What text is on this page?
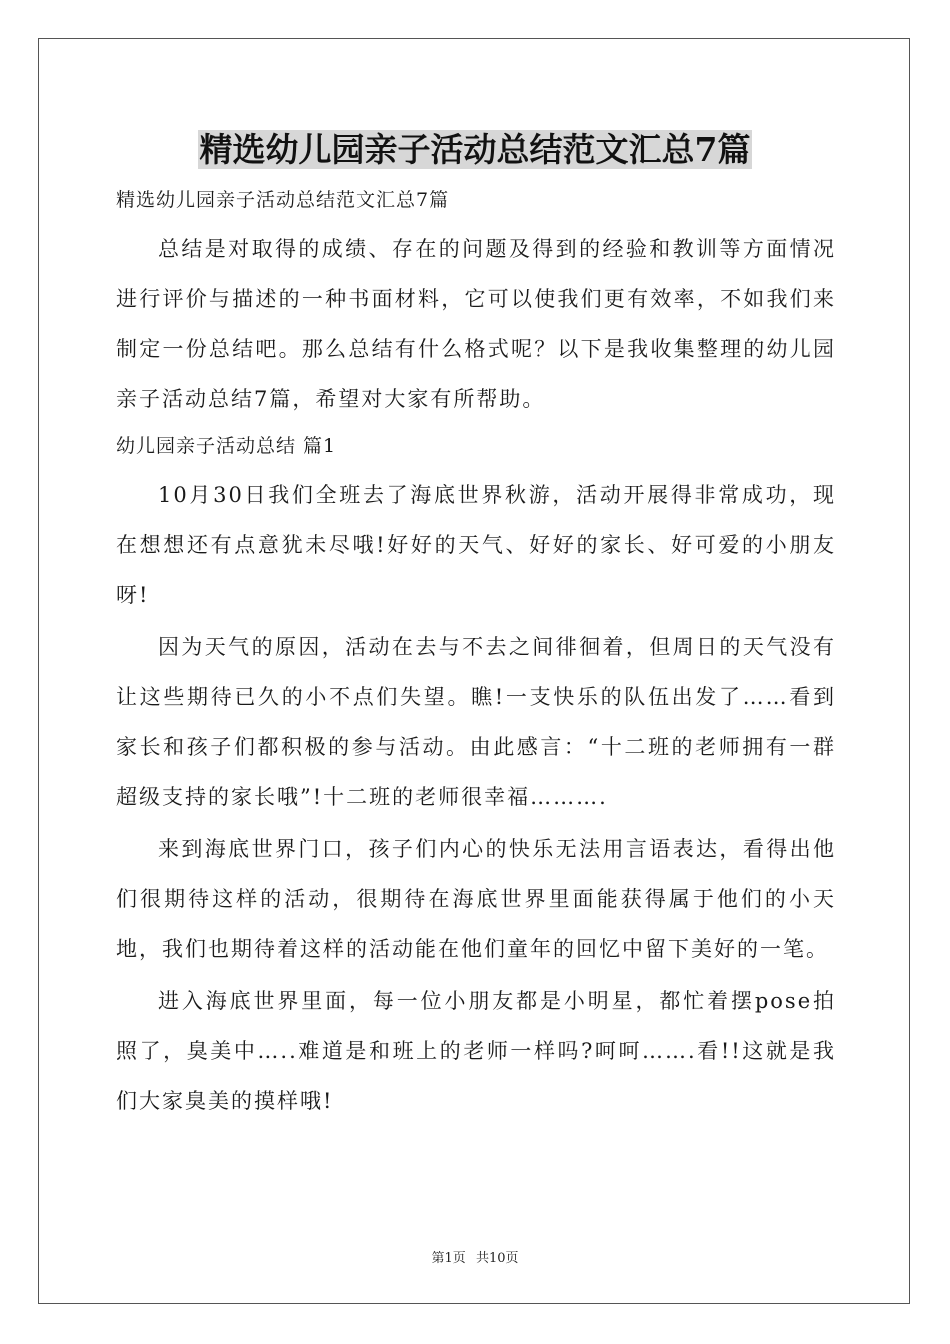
精选幼儿园亲子活动总结范文汇总7篇

精选幼儿园亲子活动总结范文汇总7篇

总结是对取得的成绩、存在的问题及得到的经验和教训等方面情况进行评价与描述的一种书面材料，它可以使我们更有效率，不如我们来制定一份总结吧。那么总结有什么格式呢？以下是我收集整理的幼儿园亲子活动总结7篇，希望对大家有所帮助。

幼儿园亲子活动总结 篇1

10月30日我们全班去了海底世界秋游，活动开展得非常成功，现在想想还有点意犹未尽哦!好好的天气、好好的家长、好可爱的小朋友呀!

因为天气的原因，活动在去与不去之间徘徊着，但周日的天气没有让这些期待已久的小不点们失望。瞧!一支快乐的队伍出发了……看到家长和孩子们都积极的参与活动。由此感言：“十二班的老师拥有一群超级支持的家长哦”!十二班的老师很幸福……….

来到海底世界门口，孩子们内心的快乐无法用言语表达，看得出他们很期待这样的活动，很期待在海底世界里面能获得属于他们的小天地，我们也期待着这样的活动能在他们童年的回忆中留下美好的一笔。

进入海底世界里面，每一位小朋友都是小明星，都忙着摆pose拍照了，臭美中…..难道是和班上的老师一样吗?呵呵…….看!!这就是我们大家臭美的摸样哦!

第1页 共10页
